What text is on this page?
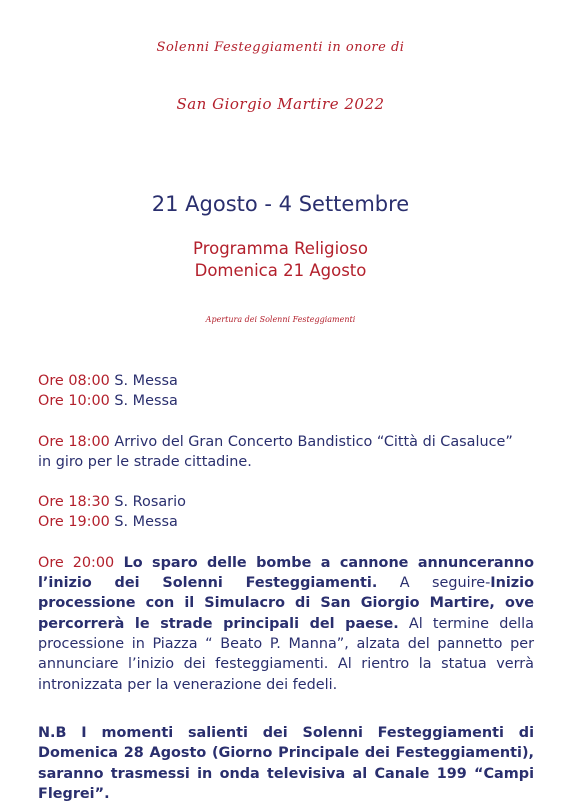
Solenni Festeggiamenti in onore di
San Giorgio Martire 2022
21 Agosto - 4 Settembre
Programma Religioso
Domenica 21 Agosto
Apertura dei Solenni Festeggiamenti
Ore 08:00 S. Messa
Ore 10:00 S. Messa
Ore 18:00 Arrivo del Gran Concerto Bandistico “Città di Casaluce”
in giro per le strade cittadine.
Ore 18:30 S. Rosario
Ore 19:00 S. Messa
Ore 20:00 Lo sparo delle bombe a cannone annunceranno l’inizio dei Solenni Festeggiamenti. A seguire-Inizio processione con il Simulacro di San Giorgio Martire, ove percorrerà le strade principali del paese. Al termine della processione in Piazza “ Beato P. Manna”, alzata del pannetto per annunciare l’inizio dei festeggiamenti. Al rientro la statua verrà intronizzata per la venerazione dei fedeli.
N.B I momenti salienti dei Solenni Festeggiamenti di Domenica 28 Agosto (Giorno Principale dei Festeggiamenti), saranno trasmessi in onda televisiva al Canale 199 “Campi Flegrei”.
